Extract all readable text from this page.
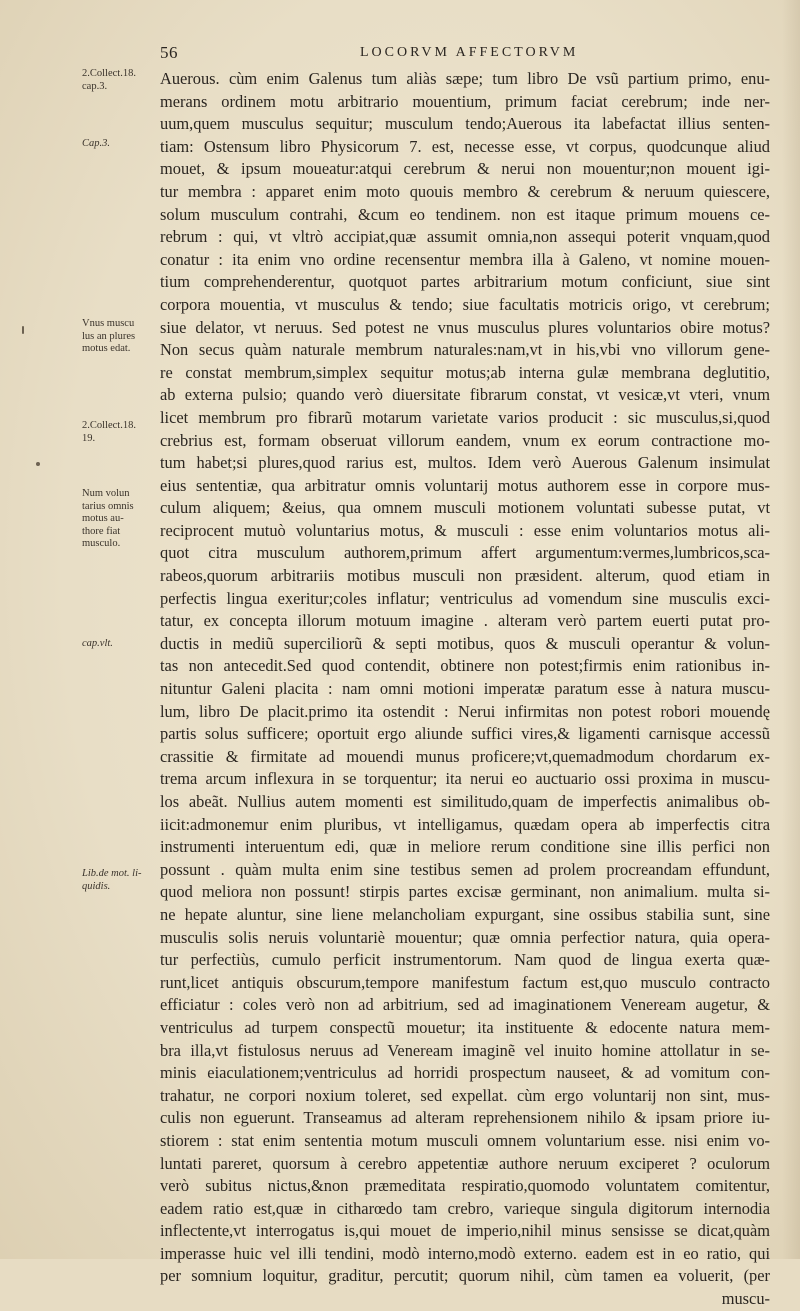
56	LOCORVM AFFECTORVM
2.Collect.18.
cap.3.
Cap.3.
Vnus muscu
lus an plures
motus edat.
2.Collect.18.
19.
Num volun
tarius omnis
motus au-
thore fiat
musculo.
cap.vlt.
Lib.de mot. li-
quidis.
Auerous. cùm enim Galenus tum aliàs sæpe; tum libro De vsũ partium primo, enu-
merans ordinem motu arbitrario mouentium, primum faciat cerebrum; inde ner-
uum,quem musculus sequitur; musculum tendo;Auerous ita labefactat illius senten-
tiam: Ostensum libro Physicorum 7. est, necesse esse, vt corpus, quodcunque aliud
mouet, & ipsum moueatur:atqui cerebrum & nerui non mouentur;non mouent igi-
tur membra : apparet enim moto quouis membro & cerebrum & neruum quiescere,
solum musculum contrahi, &cum eo tendinem. non est itaque primum mouens ce-
rebrum : qui, vt vltrò accipiat,quæ assumit omnia,non assequi poterit vnquam,quod
conatur : ita enim vno ordine recensentur membra illa à Galeno, vt nomine mouen-
tium comprehenderentur, quotquot partes arbitrarium motum conficiunt, siue sint
corpora mouentia, vt musculus & tendo; siue facultatis motricis origo, vt cerebrum;
siue delator, vt neruus. Sed potest ne vnus musculus plures voluntarios obire motus?
Non secus quàm naturale membrum naturales:nam,vt in his,vbi vno villorum gene-
re constat membrum,simplex sequitur motus;ab interna gulæ membrana deglutitio,
ab externa pulsio; quando verò diuersitate fibrarum constat, vt vesicæ,vt vteri, vnum
licet membrum pro fibrarũ motarum varietate varios producit : sic musculus,si,quod
crebrius est, formam obseruat villorum eandem, vnum ex eorum contractione mo-
tum habet;si plures,quod rarius est, multos. Idem verò Auerous Galenum insimulat
eius sententiæ, qua arbitratur omnis voluntarij motus authorem esse in corpore mus-
culum aliquem; &eius, qua omnem musculi motionem voluntati subesse putat, vt
reciprocent mutuò voluntarius motus, & musculi : esse enim voluntarios motus ali-
quot citra musculum authorem,primum affert argumentum:vermes,lumbricos,sca-
rabeos,quorum arbitrariis motibus musculi non præsident. alterum, quod etiam in
perfectis lingua exeritur;coles inflatur; ventriculus ad vomendum sine musculis exci-
tatur, ex concepta illorum motuum imagine . alteram verò partem euerti putat pro-
ductis in mediũ superciliorũ & septi motibus, quos & musculi operantur & volun-
tas non antecedit.Sed quod contendit, obtinere non potest;firmis enim rationibus in-
nituntur Galeni placita : nam omni motioni imperatæ paratum esse à natura muscu-
lum, libro De placit.primo ita ostendit : Nerui infirmitas non potest robori mouendę
partis solus sufficere; oportuit ergo aliunde suffici vires,& ligamenti carnisque accessũ
crassitie & firmitate ad mouendi munus proficere;vt,quemadmodum chordarum ex-
trema arcum inflexura in se torquentur; ita nerui eo auctuario ossi proxima in muscu-
los abeãt. Nullius autem momenti est similitudo,quam de imperfectis animalibus ob-
iicit:admonemur enim pluribus, vt intelligamus, quædam opera ab imperfectis citra
instrumenti interuentum edi, quæ in meliore rerum conditione sine illis perfici non
possunt . quàm multa enim sine testibus semen ad prolem procreandam effundunt,
quod meliora non possunt! stirpis partes excisæ germinant, non animalium. multa si-
ne hepate aluntur, sine liene melancholiam expurgant, sine ossibus stabilia sunt, sine
musculis solis neruis voluntariè mouentur; quæ omnia perfectior natura, quia opera-
tur perfectiùs, cumulo perficit instrumentorum. Nam quod de lingua exerta quæ-
runt,licet antiquis obscurum,tempore manifestum factum est,quo musculo contracto
efficiatur : coles verò non ad arbitrium, sed ad imaginationem Veneream augetur, &
ventriculus ad turpem conspectũ mouetur; ita instituente & edocente natura mem-
bra illa,vt fistulosus neruus ad Veneream imaginẽ vel inuito homine attollatur in se-
minis eiaculationem;ventriculus ad horridi prospectum nauseet, & ad vomitum con-
trahatur, ne corpori noxium toleret, sed expellat. cùm ergo voluntarij non sint, mus-
culis non eguerunt. Transeamus ad alteram reprehensionem nihilo & ipsam priore iu-
stiorem : stat enim sententia motum musculi omnem voluntarium esse. nisi enim vo-
luntati pareret, quorsum à cerebro appetentiæ authore neruum exciperet ? oculorum
verò subitus nictus,&non præmeditata respiratio,quomodo voluntatem comitentur,
eadem ratio est,quæ in citharœdo tam crebro, varieque singula digitorum internodia
inflectente,vt interrogatus is,qui mouet de imperio,nihil minus sensisse se dicat,quàm
imperasse huic vel illi tendini, modò interno,modò externo. eadem est in eo ratio, qui
per somnium loquitur, graditur, percutit; quorum nihil, cùm tamen ea voluerit, (per
muscu-
